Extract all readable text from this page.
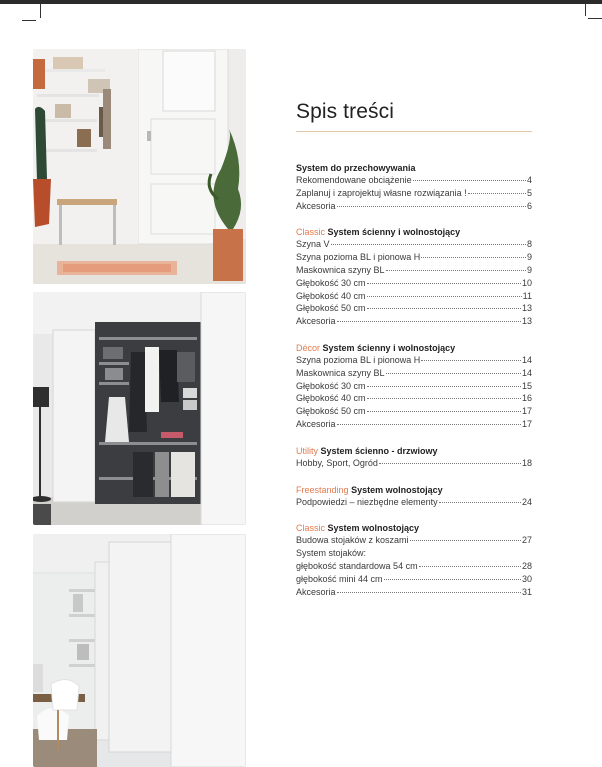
Spis treści
System do przechowywania
Rekomendowane obciążenie	4
Zaplanuj i zaprojektuj własne rozwiązania !	5
Akcesoria	6
Classic System ścienny i wolnostojący
Szyna V	8
Szyna pozioma BL i pionowa H	9
Maskownica szyny BL	9
Głębokość 30 cm	10
Głębokość 40 cm	11
Głębokość 50 cm	13
Akcesoria	13
Décor System ścienny i wolnostojący
Szyna pozioma BL i pionowa H	14
Maskownica szyny BL	14
Głębokość 30 cm	15
Głębokość 40 cm	16
Głębokość 50 cm	17
Akcesoria	17
Utility System ścienno - drzwiowy
Hobby, Sport, Ogród	18
Freestanding System wolnostojący
Podpowiedzi – niezbędne elementy	24
Classic System wolnostojący
Budowa stojaków z koszami	27
System stojaków:
głębokość standardowa 54 cm	28
głębokość mini 44 cm	30
Akcesoria	31
